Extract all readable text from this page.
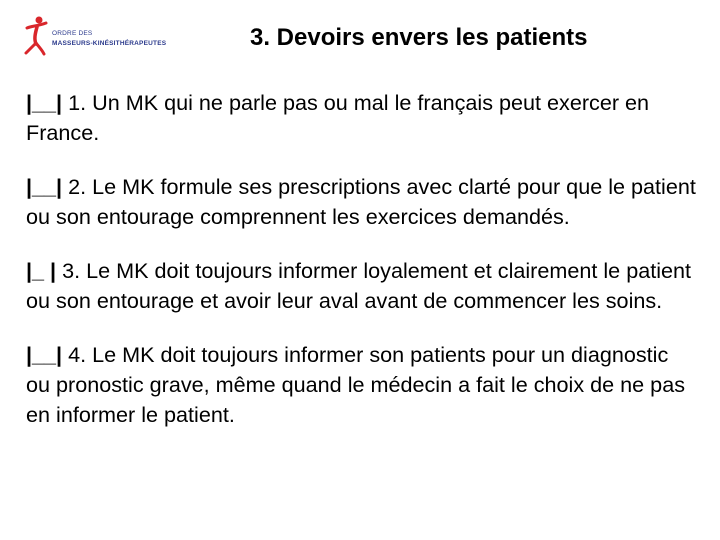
ORDRE DES
MASSEURS-KINÉSITHÉRAPEUTES	3. Devoirs envers les patients

|__| 1. Un MK qui ne parle pas ou mal le français peut exercer en France.

|__| 2. Le MK formule ses prescriptions avec clarté pour que le patient ou son entourage comprennent les exercices demandés.

|_ | 3. Le MK doit toujours informer loyalement et clairement le patient ou son entourage et avoir leur aval avant de commencer les soins.

|__| 4. Le MK doit toujours informer son patients pour un diagnostic ou pronostic grave, même quand le médecin a fait le choix de ne pas en informer le patient.
